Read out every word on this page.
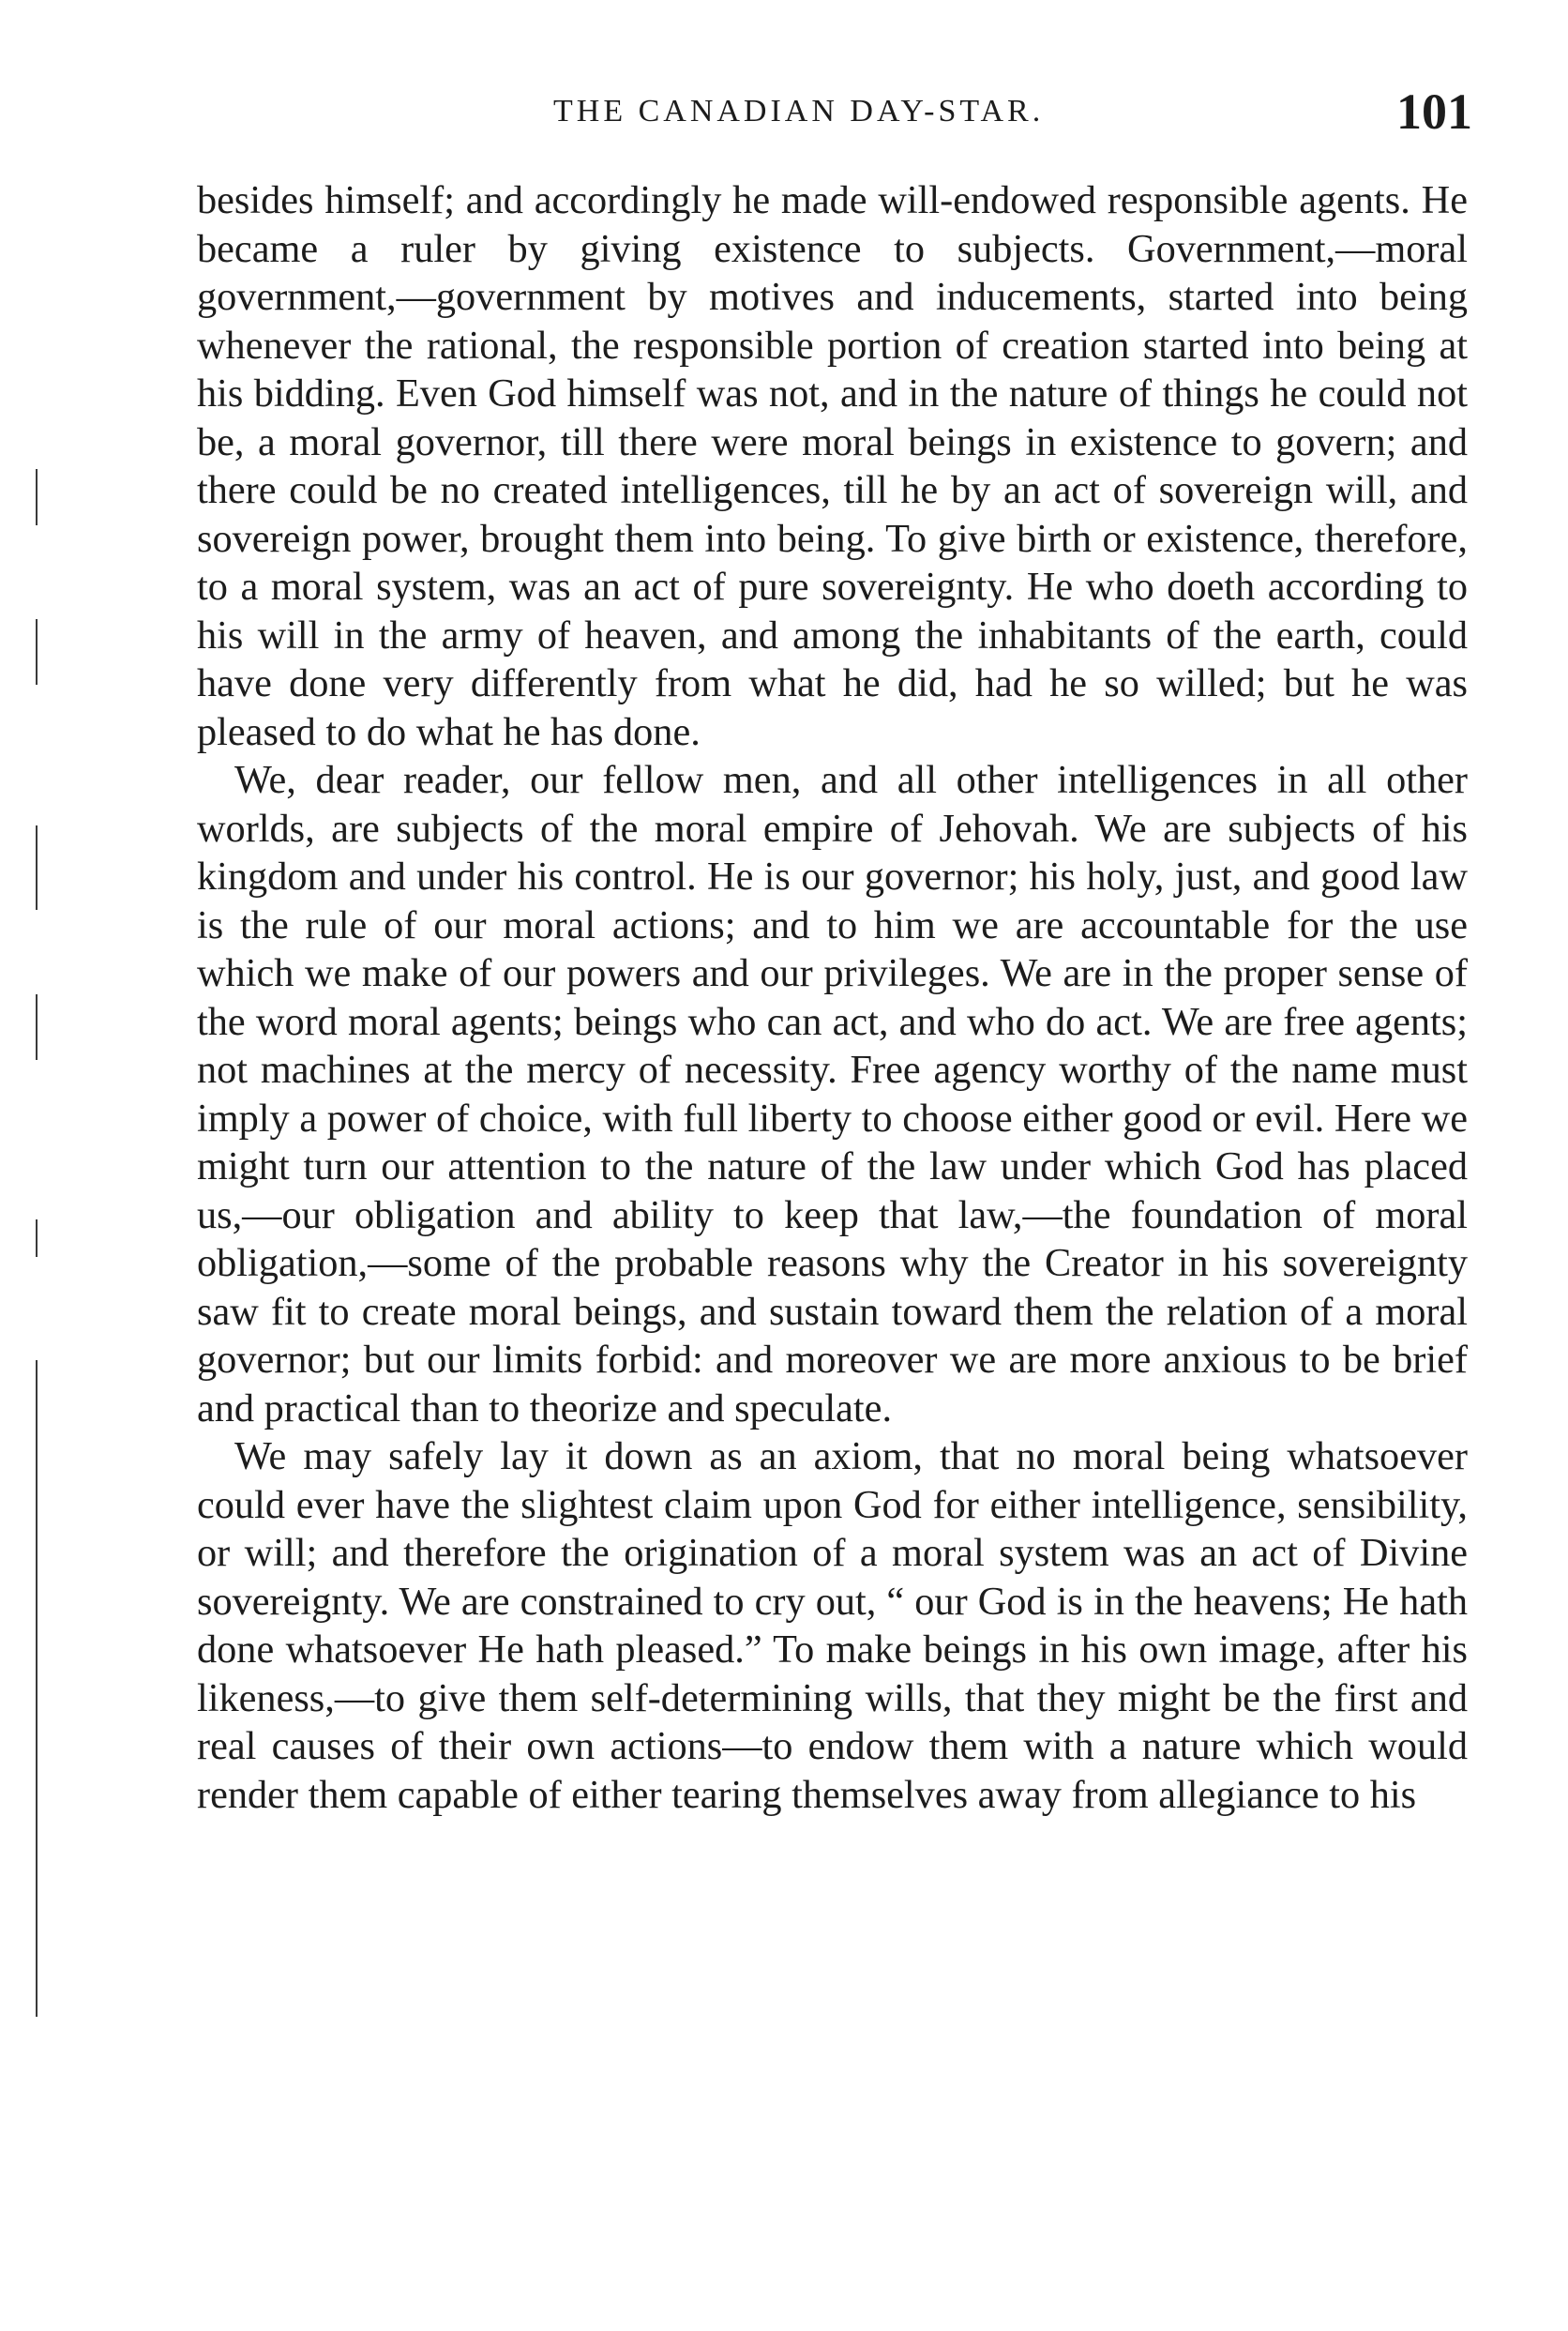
THE CANADIAN DAY-STAR.	101

besides himself; and accordingly he made will-endowed responsible agents. He became a ruler by giving existence to subjects. Government,—moral government,—government by motives and inducements, started into being whenever the rational, the responsible portion of creation started into being at his bidding. Even God himself was not, and in the nature of things he could not be, a moral governor, till there were moral beings in existence to govern; and there could be no created intelligences, till he by an act of sovereign will, and sovereign power, brought them into being. To give birth or existence, therefore, to a moral system, was an act of pure sovereignty. He who doeth according to his will in the army of heaven, and among the inhabitants of the earth, could have done very differently from what he did, had he so willed; but he was pleased to do what he has done.

We, dear reader, our fellow men, and all other intelligences in all other worlds, are subjects of the moral empire of Jehovah. We are subjects of his kingdom and under his control. He is our governor; his holy, just, and good law is the rule of our moral actions; and to him we are accountable for the use which we make of our powers and our privileges. We are in the proper sense of the word moral agents; beings who can act, and who do act. We are free agents; not machines at the mercy of necessity. Free agency worthy of the name must imply a power of choice, with full liberty to choose either good or evil. Here we might turn our attention to the nature of the law under which God has placed us,—our obligation and ability to keep that law,—the foundation of moral obligation,—some of the probable reasons why the Creator in his sovereignty saw fit to create moral beings, and sustain toward them the relation of a moral governor; but our limits forbid: and moreover we are more anxious to be brief and practical than to theorize and speculate.

We may safely lay it down as an axiom, that no moral being whatsoever could ever have the slightest claim upon God for either intelligence, sensibility, or will; and therefore the origination of a moral system was an act of Divine sovereignty. We are constrained to cry out, “ our God is in the heavens; He hath done whatsoever He hath pleased.” To make beings in his own image, after his likeness,—to give them self-determining wills, that they might be the first and real causes of their own actions—to endow them with a nature which would render them capable of either tearing themselves away from allegiance to his
